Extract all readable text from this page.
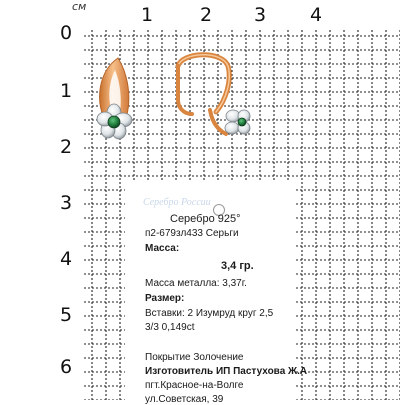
см	1 2 3 4
0
1
2
3
4
5
6
Серебро России
Серебро 925°
п2-679зл433 Серьги
Масса:
3,4 гр.
Масса металла: 3,37г.
Размер:
Вставки: 2 Изумруд круг 2,5
3/3 0,149ct
Покрытие Золочение
Изготовитель ИП Пастухова Ж.А
пгт.Красное-на-Волге
ул.Советская, 39
